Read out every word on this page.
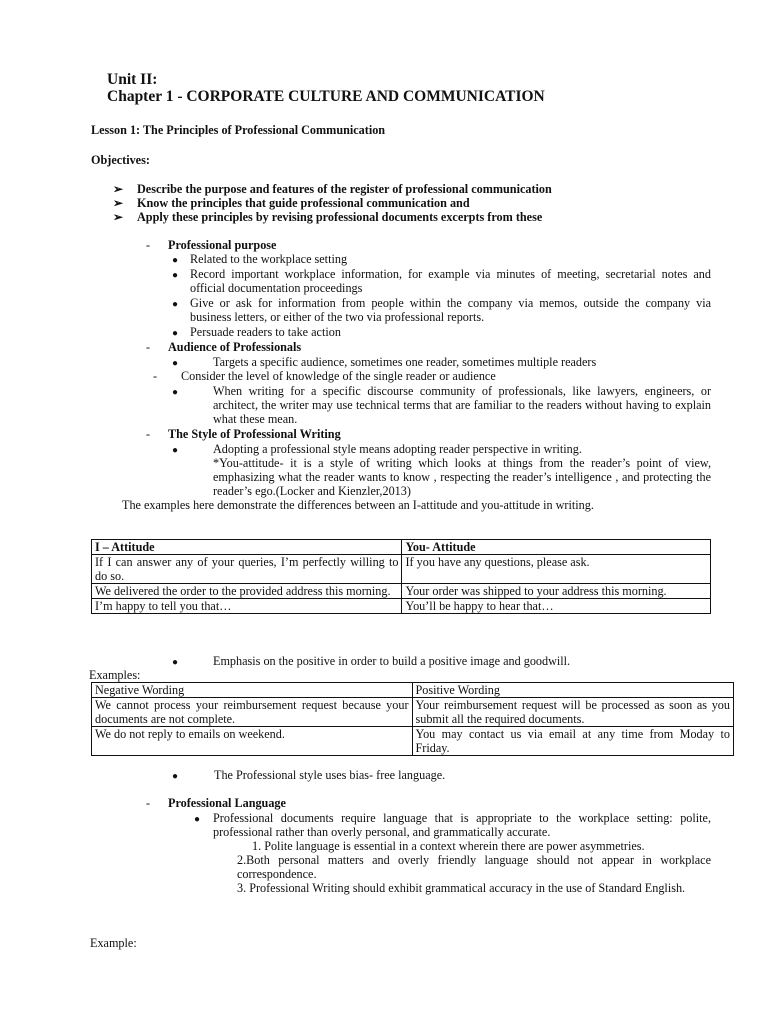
Unit II:
Chapter 1 - CORPORATE CULTURE AND COMMUNICATION
Lesson 1: The Principles of Professional Communication
Objectives:
➢ Describe the purpose and features of the register of professional communication
➢ Know the principles that guide professional communication and
➢ Apply these principles by revising professional documents excerpts from these
- Professional purpose
● Related to the workplace setting
● Record important workplace information, for example via minutes of meeting, secretarial notes and official documentation proceedings
● Give or ask for information from people within the company via memos, outside the company via business letters, or either of the two via professional reports.
● Persuade readers to take action
- Audience of Professionals
●	Targets a specific audience, sometimes one reader, sometimes multiple readers
- Consider the level of knowledge of the single reader or audience
●	When writing for a specific discourse community of professionals, like lawyers, engineers, or architect, the writer may use technical terms that are familiar to the readers without having to explain what these mean.
- The Style of Professional Writing
●	Adopting a professional style means adopting reader perspective in writing.
*You-attitude- it is a style of writing which looks at things from the reader’s point of view, emphasizing what the reader wants to know , respecting the reader’s intelligence , and protecting the reader’s ego.(Locker and Kienzler,2013)
The examples here demonstrate the differences between an I-attitude and you-attitude in writing.
I – Attitude	You- Attitude
If I can answer any of your queries, I’m perfectly willing to do so.	If you have any questions, please ask.
We delivered the order to the provided address this morning.	Your order was shipped to your address this morning.
I’m happy to tell you that…	You’ll be happy to hear that…
●	Emphasis on the positive in order to build a positive image and goodwill.
Examples:
Negative Wording	Positive Wording
We cannot process your reimbursement request because your documents are not complete.	Your reimbursement request will be processed as soon as you submit all the required documents.
We do not reply to emails on weekend.	You may contact us via email at any time from Moday to Friday.
●	The Professional style uses bias- free language.
- Professional Language
● Professional documents require language that is appropriate to the workplace setting: polite, professional rather than overly personal, and grammatically accurate.
1. Polite language is essential in a context wherein there are power asymmetries.
2.Both personal matters and overly friendly language should not appear in workplace correspondence.
3. Professional Writing should exhibit grammatical accuracy in the use of Standard English.
Example:
